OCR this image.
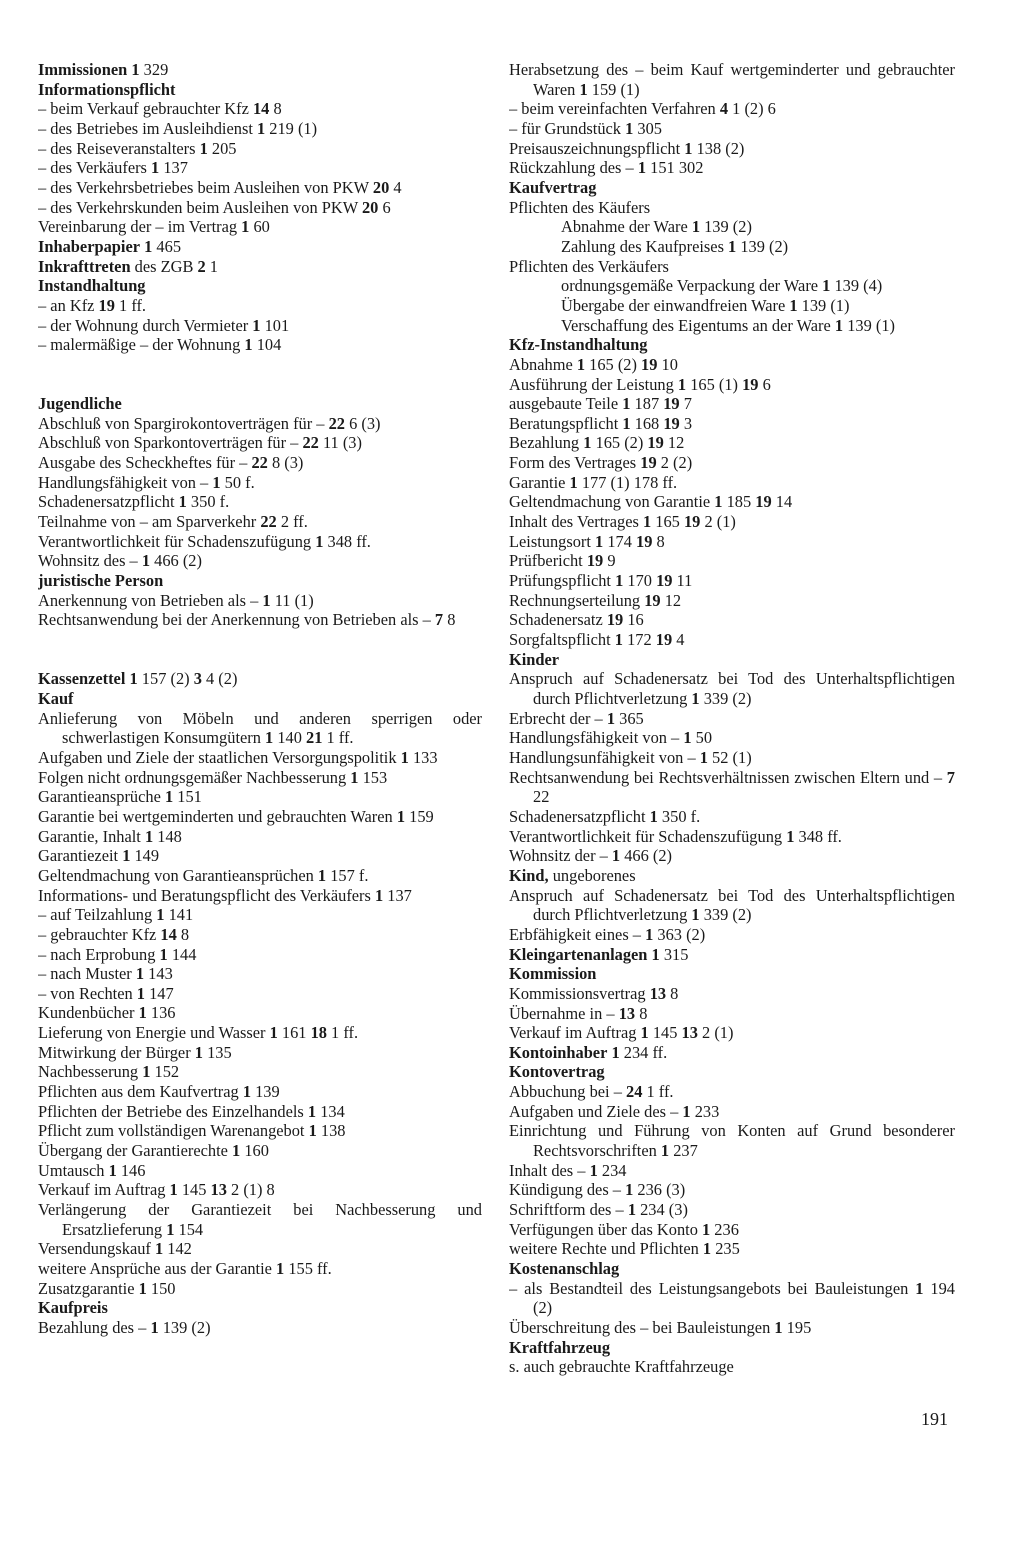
Immissionen 1 329
Informationspflicht
– beim Verkauf gebrauchter Kfz 14 8
– des Betriebes im Ausleihdienst 1 219 (1)
– des Reiseveranstalters 1 205
– des Verkäufers 1 137
– des Verkehrsbetriebes beim Ausleihen von PKW 20 4
– des Verkehrskunden beim Ausleihen von PKW 20 6
Vereinbarung der – im Vertrag 1 60
Inhaberpapier 1 465
Inkrafttreten des ZGB 2 1
Instandhaltung
– an Kfz 19 1 ff.
– der Wohnung durch Vermieter 1 101
– malermäßige – der Wohnung 1 104
Jugendliche
Abschluß von Spargirokontoverträgen für – 22 6 (3)
Abschluß von Sparkontoverträgen für – 22 11 (3)
Ausgabe des Scheckheftes für – 22 8 (3)
Handlungsfähigkeit von – 1 50 f.
Schadenersatzpflicht 1 350 f.
Teilnahme von – am Sparverkehr 22 2 ff.
Verantwortlichkeit für Schadenszufügung 1 348 ff.
Wohnsitz des – 1 466 (2)
juristische Person
Anerkennung von Betrieben als – 1 11 (1)
Rechtsanwendung bei der Anerkennung von Betrieben als – 7 8
Kassenzettel 1 157 (2) 3 4 (2)
Kauf
Anlieferung von Möbeln und anderen sperrigen oder schwerlastigen Konsumgütern 1 140 21 1 ff.
Aufgaben und Ziele der staatlichen Versorgungspolitik 1 133
Folgen nicht ordnungsgemäßer Nachbesserung 1 153
Garantieansprüche 1 151
Garantie bei wertgeminderten und gebrauchten Waren 1 159
Garantie, Inhalt 1 148
Garantiezeit 1 149
Geltendmachung von Garantieansprüchen 1 157 f.
Informations- und Beratungspflicht des Verkäufers 1 137
– auf Teilzahlung 1 141
– gebrauchter Kfz 14 8
– nach Erprobung 1 144
– nach Muster 1 143
– von Rechten 1 147
Kundenbücher 1 136
Lieferung von Energie und Wasser 1 161 18 1 ff.
Mitwirkung der Bürger 1 135
Nachbesserung 1 152
Pflichten aus dem Kaufvertrag 1 139
Pflichten der Betriebe des Einzelhandels 1 134
Pflicht zum vollständigen Warenangebot 1 138
Übergang der Garantierechte 1 160
Umtausch 1 146
Verkauf im Auftrag 1 145 13 2 (1) 8
Verlängerung der Garantiezeit bei Nachbesserung und Ersatzlieferung 1 154
Versendungskauf 1 142
weitere Ansprüche aus der Garantie 1 155 ff.
Zusatzgarantie 1 150
Kaufpreis
Bezahlung des – 1 139 (2)
Herabsetzung des – beim Kauf wertgeminderter und gebrauchter Waren 1 159 (1)
– beim vereinfachten Verfahren 4 1 (2) 6
– für Grundstück 1 305
Preisauszeichnungspflicht 1 138 (2)
Rückzahlung des – 1 151 302
Kaufvertrag
Pflichten des Käufers
Abnahme der Ware 1 139 (2)
Zahlung des Kaufpreises 1 139 (2)
Pflichten des Verkäufers
ordnungsgemäße Verpackung der Ware 1 139 (4)
Übergabe der einwandfreien Ware 1 139 (1)
Verschaffung des Eigentums an der Ware 1 139 (1)
Kfz-Instandhaltung
Abnahme 1 165 (2) 19 10
Ausführung der Leistung 1 165 (1) 19 6
ausgebaute Teile 1 187 19 7
Beratungspflicht 1 168 19 3
Bezahlung 1 165 (2) 19 12
Form des Vertrages 19 2 (2)
Garantie 1 177 (1) 178 ff.
Geltendmachung von Garantie 1 185 19 14
Inhalt des Vertrages 1 165 19 2 (1)
Leistungsort 1 174 19 8
Prüfbericht 19 9
Prüfungspflicht 1 170 19 11
Rechnungserteilung 19 12
Schadenersatz 19 16
Sorgfaltspflicht 1 172 19 4
Kinder
Anspruch auf Schadenersatz bei Tod des Unterhaltspflichtigen durch Pflichtverletzung 1 339 (2)
Erbrecht der – 1 365
Handlungsfähigkeit von – 1 50
Handlungsunfähigkeit von – 1 52 (1)
Rechtsanwendung bei Rechtsverhältnissen zwischen Eltern und – 7 22
Schadenersatzpflicht 1 350 f.
Verantwortlichkeit für Schadenszufügung 1 348 ff.
Wohnsitz der – 1 466 (2)
Kind, ungeborenes
Anspruch auf Schadenersatz bei Tod des Unterhaltspflichtigen durch Pflichtverletzung 1 339 (2)
Erbfähigkeit eines – 1 363 (2)
Kleingartenanlagen 1 315
Kommission
Kommissionsvertrag 13 8
Übernahme in – 13 8
Verkauf im Auftrag 1 145 13 2 (1)
Kontoinhaber 1 234 ff.
Kontovertrag
Abbuchung bei – 24 1 ff.
Aufgaben und Ziele des – 1 233
Einrichtung und Führung von Konten auf Grund besonderer Rechtsvorschriften 1 237
Inhalt des – 1 234
Kündigung des – 1 236 (3)
Schriftform des – 1 234 (3)
Verfügungen über das Konto 1 236
weitere Rechte und Pflichten 1 235
Kostenanschlag
– als Bestandteil des Leistungsangebots bei Bauleistungen 1 194 (2)
Überschreitung des – bei Bauleistungen 1 195
Kraftfahrzeug
s. auch gebrauchte Kraftfahrzeuge
191
